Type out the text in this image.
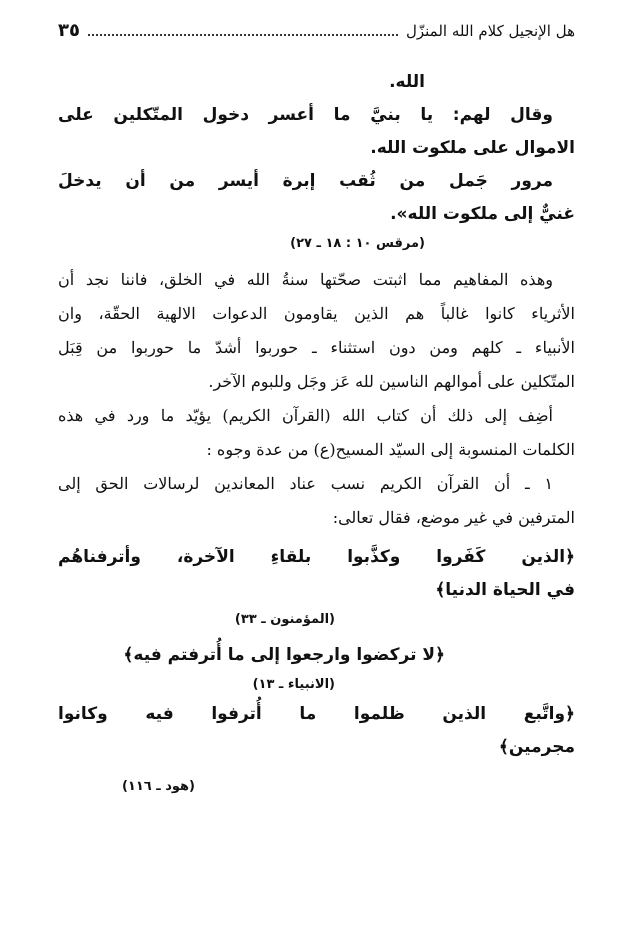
هل الإنجيل كلام الله المنزّل
٣٥

الله.

وقال لهم: يا بنيَّ ما أعسر دخول المتّكلين على

الاموال على ملكوت الله.

مرور جَمل من ثُقب إبرة أيسر من أن يدخلَ

غنيٌّ إلى ملكوت الله».

(مرقس ١٠ : ١٨ ـ ٢٧)

وهذه المفاهيم مما اثبتت صحّتها سنةُ الله في الخلق، فاننا نجد أن

الأثرياء كانوا غالباً هم الذين يقاومون الدعوات الالهية الحقّة، وان

الأنبياء ـ كلهم ومن دون استثناء ـ حوربوا أشدّ ما حوربوا من قِبَل

المتّكلين على أموالهم الناسين لله عَز وجَل وللبوم الآخر.

أضِف إلى ذلك أن كتاب الله (القرآن الكريم) يؤيّد ما ورد في هذه

الكلمات المنسوبة إلى السيّد المسيح(ع) من عدة وجوه :

١ ـ أن القرآن الكريم نسب عناد المعاندين لرسالات الحق إلى

المترفين في غير موضع، فقال تعالى:

﴿الذين كَفَروا وكذَّبوا بلقاءِ الآخرة، وأترفناهُم

في الحياة الدنيا﴾

(المؤمنون ـ ٣٣)

﴿لا تركضوا وارجعوا إلى ما أُترفتم فيه﴾

(الانبياء ـ ١٣)

﴿واتَّبع الذين ظلموا ما أُترفوا فيه وكانوا

مجرمين﴾

(هود ـ ١١٦)
